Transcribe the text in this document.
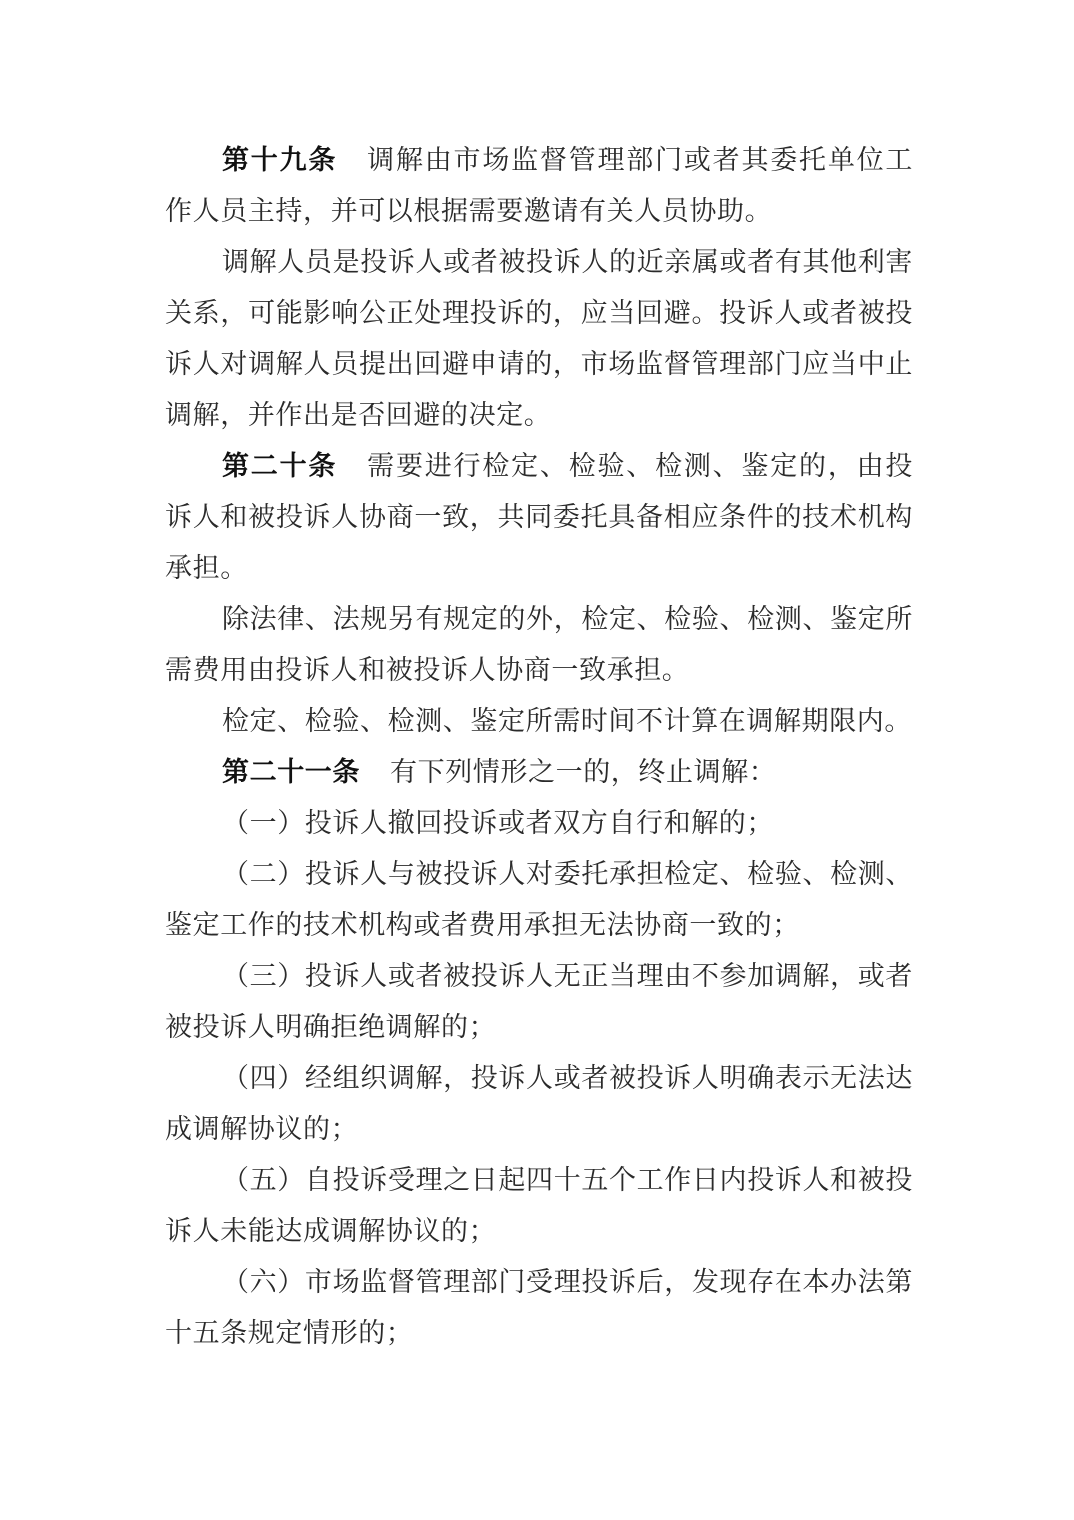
第十九条 调解由市场监督管理部门或者其委托单位工作人员主持，并可以根据需要邀请有关人员协助。

调解人员是投诉人或者被投诉人的近亲属或者有其他利害关系，可能影响公正处理投诉的，应当回避。投诉人或者被投诉人对调解人员提出回避申请的，市场监督管理部门应当中止调解，并作出是否回避的决定。

第二十条 需要进行检定、检验、检测、鉴定的，由投诉人和被投诉人协商一致，共同委托具备相应条件的技术机构承担。

除法律、法规另有规定的外，检定、检验、检测、鉴定所需费用由投诉人和被投诉人协商一致承担。

检定、检验、检测、鉴定所需时间不计算在调解期限内。

第二十一条 有下列情形之一的，终止调解：

（一）投诉人撤回投诉或者双方自行和解的；

（二）投诉人与被投诉人对委托承担检定、检验、检测、鉴定工作的技术机构或者费用承担无法协商一致的；

（三）投诉人或者被投诉人无正当理由不参加调解，或者被投诉人明确拒绝调解的；

（四）经组织调解，投诉人或者被投诉人明确表示无法达成调解协议的；

（五）自投诉受理之日起四十五个工作日内投诉人和被投诉人未能达成调解协议的；

（六）市场监督管理部门受理投诉后，发现存在本办法第十五条规定情形的；
